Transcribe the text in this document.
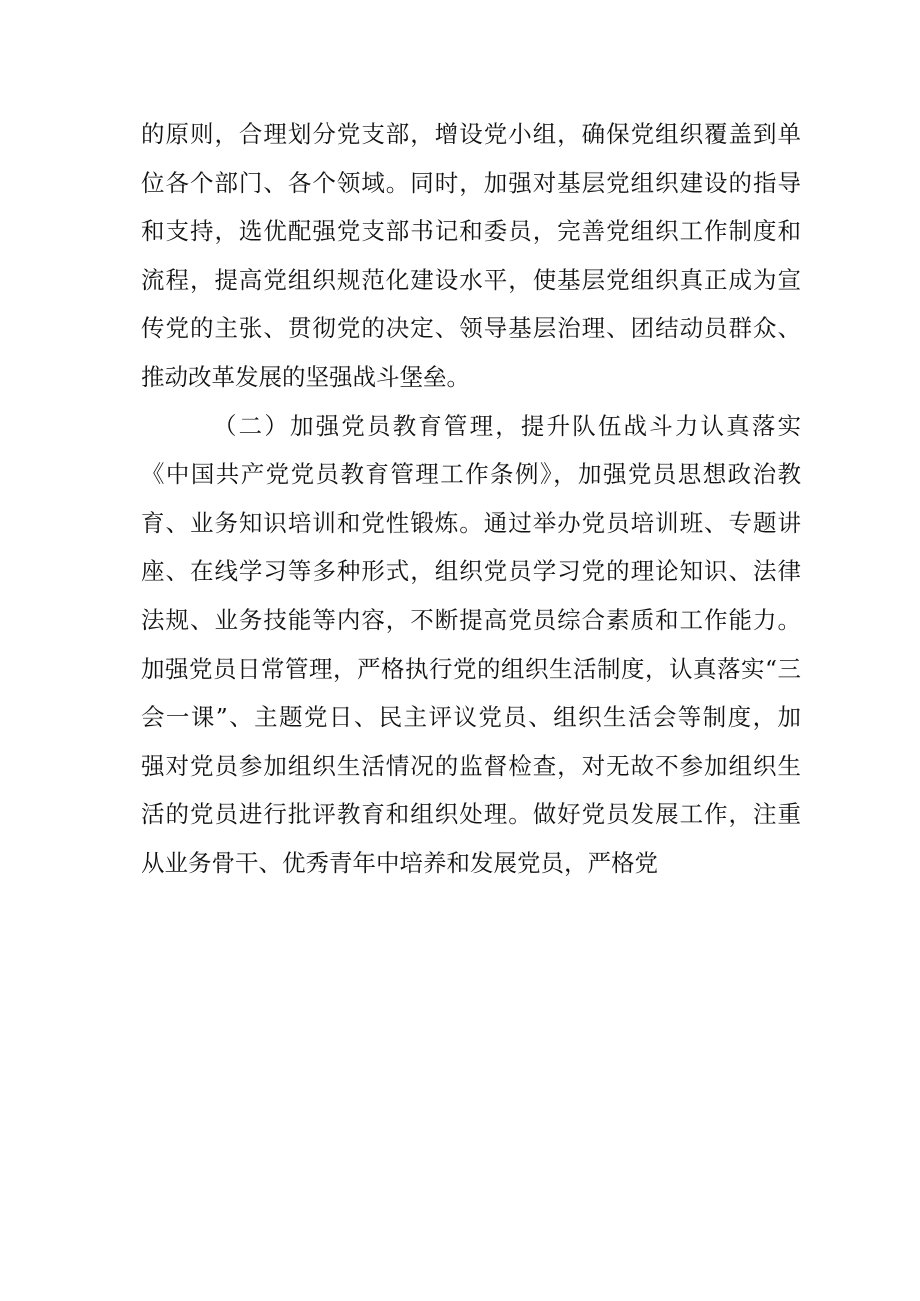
的原则，合理划分党支部，增设党小组，确保党组织覆盖到单
位各个部门、各个领域。同时，加强对基层党组织建设的指导
和支持，选优配强党支部书记和委员，完善党组织工作制度和
流程，提高党组织规范化建设水平，使基层党组织真正成为宣
传党的主张、贯彻党的决定、领导基层治理、团结动员群众、
推动改革发展的坚强战斗堡垒。
（二）加强党员教育管理，提升队伍战斗力认真落实
《中国共产党党员教育管理工作条例》，加强党员思想政治教
育、业务知识培训和党性锻炼。通过举办党员培训班、专题讲
座、在线学习等多种形式，组织党员学习党的理论知识、法律
法规、业务技能等内容，不断提高党员综合素质和工作能力。
加强党员日常管理，严格执行党的组织生活制度，认真落实“三
会一课”、主题党日、民主评议党员、组织生活会等制度，加
强对党员参加组织生活情况的监督检查，对无故不参加组织生
活的党员进行批评教育和组织处理。做好党员发展工作，注重
从业务骨干、优秀青年中培养和发展党员，严格党
